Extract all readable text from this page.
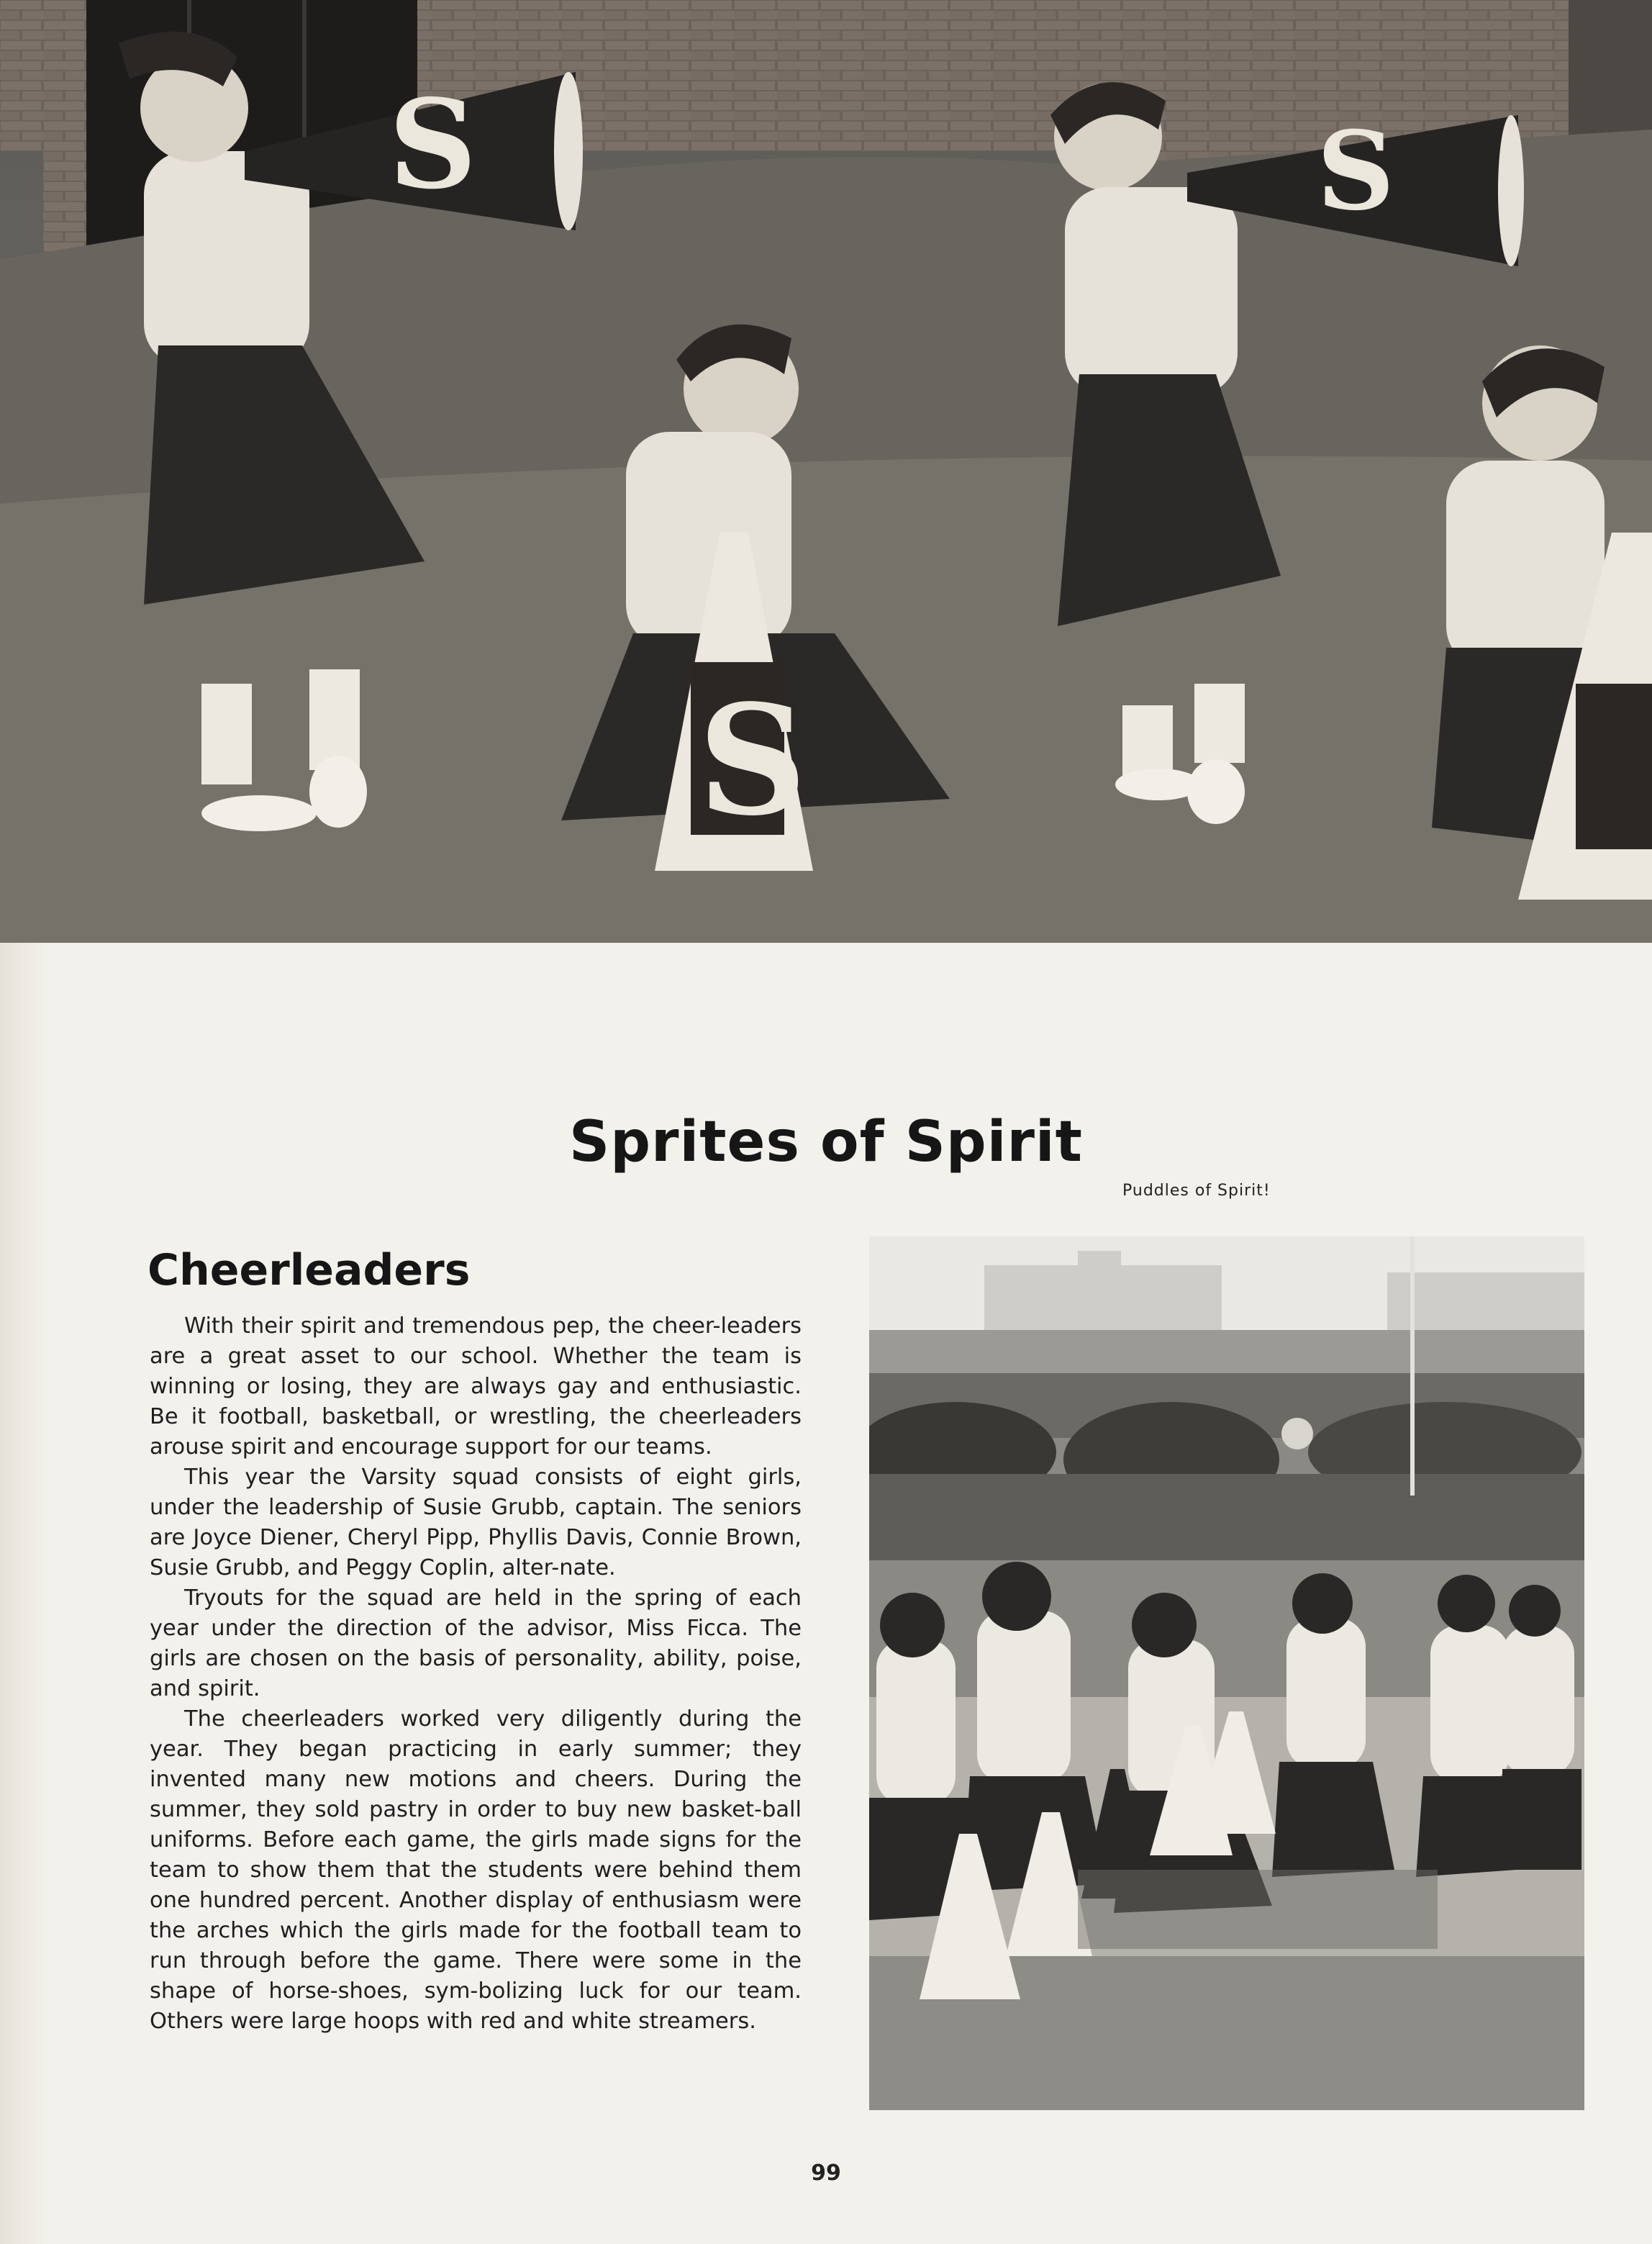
S
S
S
Sprites of Spirit
Cheerleaders
Puddles of Spirit!

With their spirit and tremendous pep, the cheer-leaders are a great asset to our school. Whether the team is winning or losing, they are always gay and enthusiastic. Be it football, basketball, or wrestling, the cheerleaders arouse spirit and encourage support for our teams.

This year the Varsity squad consists of eight girls, under the leadership of Susie Grubb, captain. The seniors are Joyce Diener, Cheryl Pipp, Phyllis Davis, Connie Brown, Susie Grubb, and Peggy Coplin, alter-nate.

Tryouts for the squad are held in the spring of each year under the direction of the advisor, Miss Ficca. The girls are chosen on the basis of personality, ability, poise, and spirit.

The cheerleaders worked very diligently during the year. They began practicing in early summer; they invented many new motions and cheers. During the summer, they sold pastry in order to buy new basket-ball uniforms. Before each game, the girls made signs for the team to show them that the students were behind them one hundred percent. Another display of enthusiasm were the arches which the girls made for the football team to run through before the game. There were some in the shape of horse-shoes, sym-bolizing luck for our team. Others were large hoops with red and white streamers.

99
